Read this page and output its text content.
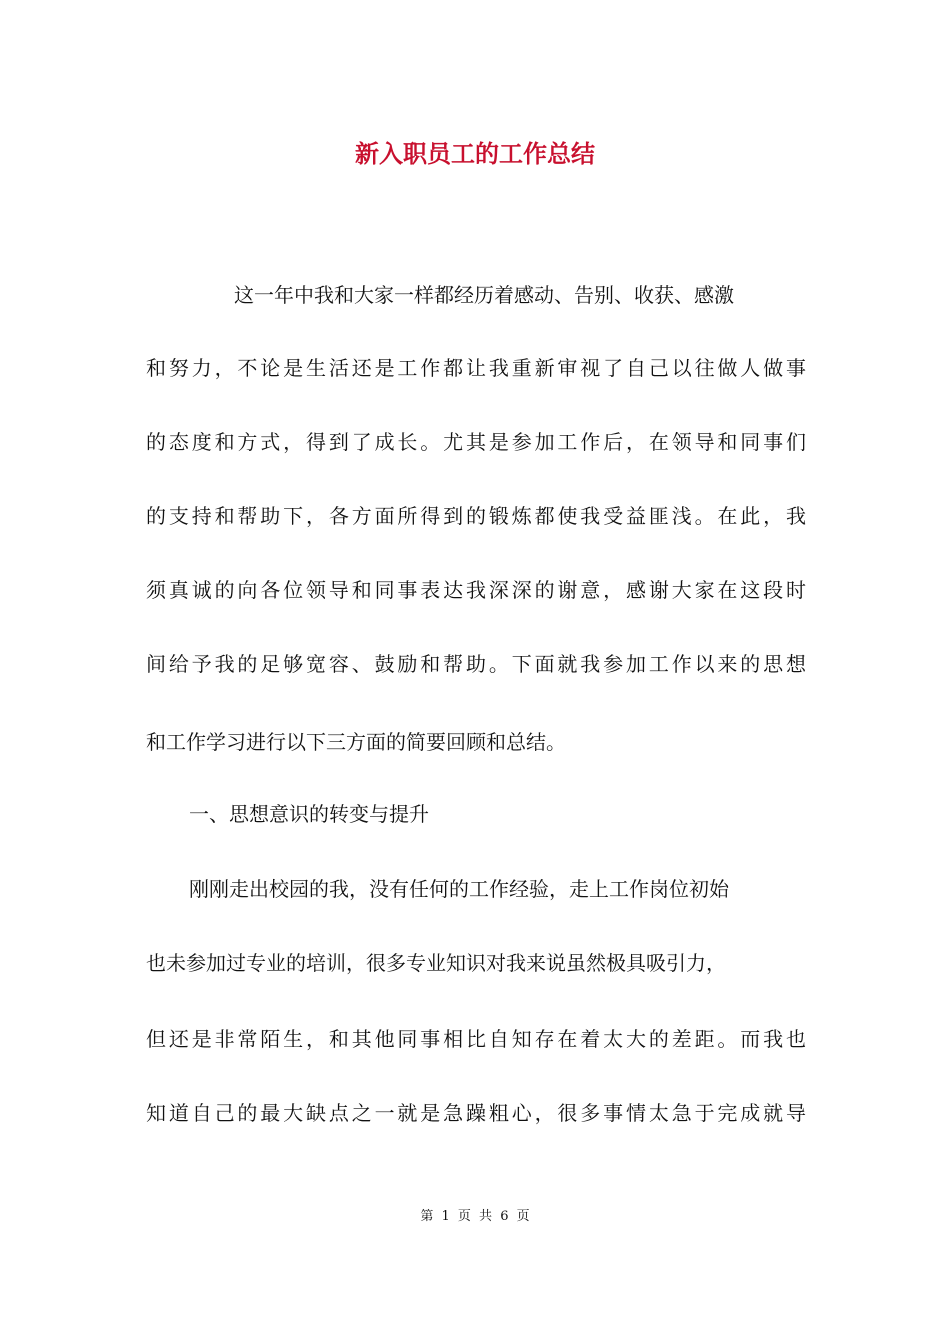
新入职员工的工作总结

这一年中我和大家一样都经历着感动、告别、收获、感激

和努力，不论是生活还是工作都让我重新审视了自己以往做人做事

的态度和方式，得到了成长。尤其是参加工作后，在领导和同事们

的支持和帮助下，各方面所得到的锻炼都使我受益匪浅。在此，我

须真诚的向各位领导和同事表达我深深的谢意，感谢大家在这段时

间给予我的足够宽容、鼓励和帮助。下面就我参加工作以来的思想

和工作学习进行以下三方面的简要回顾和总结。

一、思想意识的转变与提升

刚刚走出校园的我，没有任何的工作经验，走上工作岗位初始

也未参加过专业的培训，很多专业知识对我来说虽然极具吸引力，

但还是非常陌生，和其他同事相比自知存在着太大的差距。而我也

知道自己的最大缺点之一就是急躁粗心，很多事情太急于完成就导

第 1 页 共 6 页
